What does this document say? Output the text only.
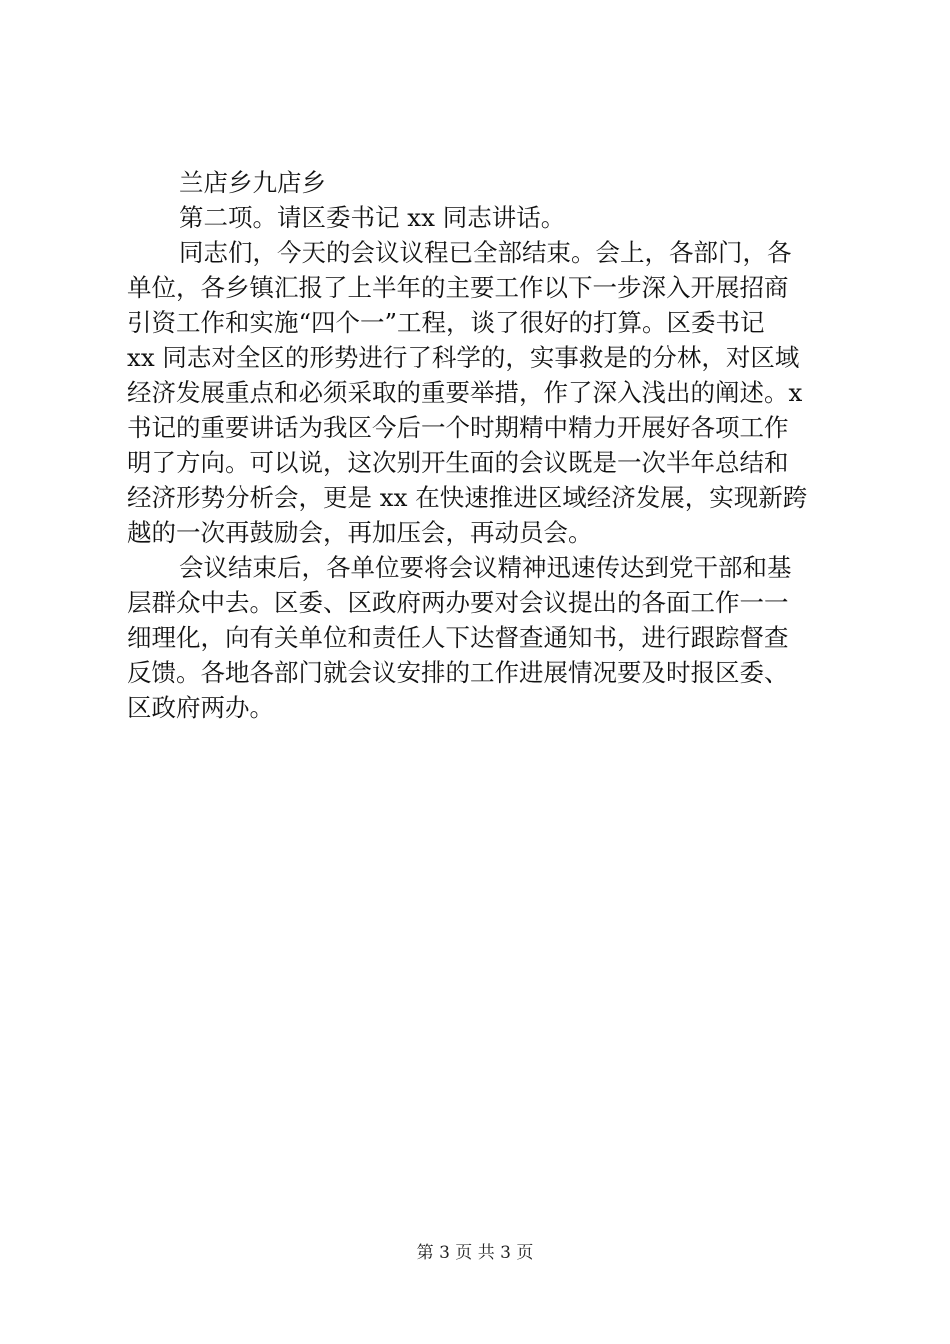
兰店乡九店乡
第二项。请区委书记 xx 同志讲话。
同志们，今天的会议议程已全部结束。会上，各部门，各
单位，各乡镇汇报了上半年的主要工作以下一步深入开展招商
引资工作和实施“四个一”工程，谈了很好的打算。区委书记
xx 同志对全区的形势进行了科学的，实事救是的分林，对区域
经济发展重点和必须采取的重要举措，作了深入浅出的阐述。x
书记的重要讲话为我区今后一个时期精中精力开展好各项工作
明了方向。可以说，这次别开生面的会议既是一次半年总结和
经济形势分析会，更是 xx 在快速推进区域经济发展，实现新跨
越的一次再鼓励会，再加压会，再动员会。
会议结束后，各单位要将会议精神迅速传达到党干部和基
层群众中去。区委、区政府两办要对会议提出的各面工作一一
细理化，向有关单位和责任人下达督查通知书，进行跟踪督查
反馈。各地各部门就会议安排的工作进展情况要及时报区委、
区政府两办。
第 3 页 共 3 页
